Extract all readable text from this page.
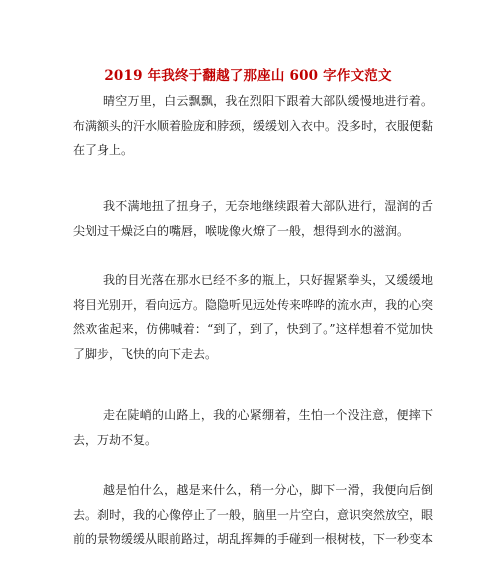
2019 年我终于翻越了那座山 600 字作文范文

晴空万里，白云飘飘，我在烈阳下跟着大部队缓慢地进行着。布满额头的汗水顺着脸庞和脖颈，缓缓划入衣中。没多时，衣服便黏在了身上。

我不满地扭了扭身子，无奈地继续跟着大部队进行，湿润的舌尖划过干燥泛白的嘴唇，喉咙像火燎了一般，想得到水的滋润。

我的目光落在那水已经不多的瓶上，只好握紧拳头，又缓缓地将目光别开，看向远方。隐隐听见远处传来哗哗的流水声，我的心突然欢雀起来，仿佛喊着：“到了，到了，快到了。”这样想着不觉加快了脚步，飞快的向下走去。

走在陡峭的山路上，我的心紧绷着，生怕一个没注意，便摔下去，万劫不复。

越是怕什么，越是来什么，稍一分心，脚下一滑，我便向后倒去。刹时，我的心像停止了一般，脑里一片空白，意识突然放空，眼前的景物缓缓从眼前路过，胡乱挥舞的手碰到一根树枝，下一秒变本
